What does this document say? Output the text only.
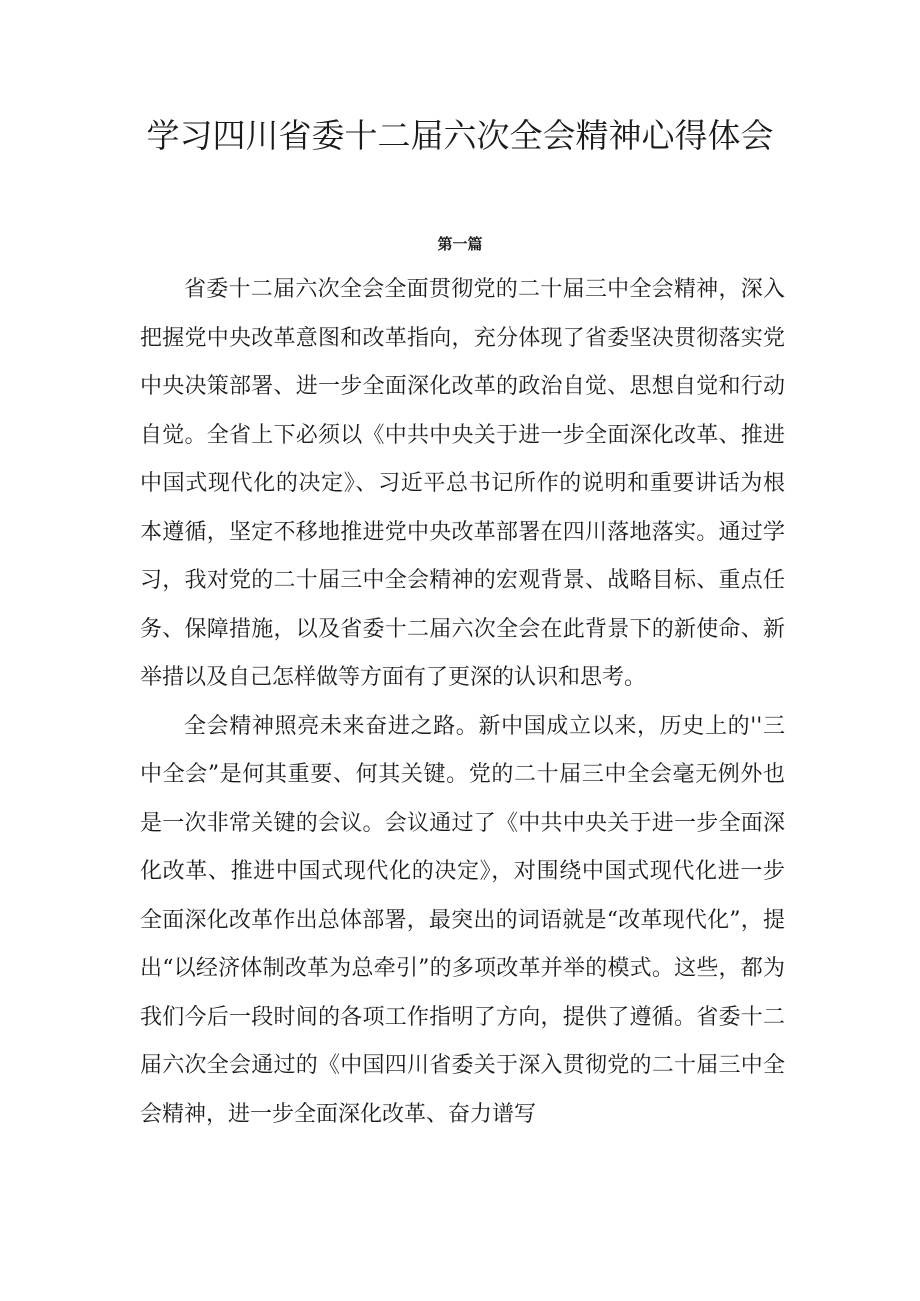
学习四川省委十二届六次全会精神心得体会
第一篇

省委十二届六次全会全面贯彻党的二十届三中全会精神，深入把握党中央改革意图和改革指向，充分体现了省委坚决贯彻落实党中央决策部署、进一步全面深化改革的政治自觉、思想自觉和行动自觉。全省上下必须以《中共中央关于进一步全面深化改革、推进中国式现代化的决定》、习近平总书记所作的说明和重要讲话为根本遵循，坚定不移地推进党中央改革部署在四川落地落实。通过学习，我对党的二十届三中全会精神的宏观背景、战略目标、重点任务、保障措施，以及省委十二届六次全会在此背景下的新使命、新举措以及自己怎样做等方面有了更深的认识和思考。

全会精神照亮未来奋进之路。新中国成立以来，历史上的''三中全会”是何其重要、何其关键。党的二十届三中全会毫无例外也是一次非常关键的会议。会议通过了《中共中央关于进一步全面深化改革、推进中国式现代化的决定》，对围绕中国式现代化进一步全面深化改革作出总体部署，最突出的词语就是“改革现代化”，提出“以经济体制改革为总牵引”的多项改革并举的模式。这些，都为我们今后一段时间的各项工作指明了方向，提供了遵循。省委十二届六次全会通过的《中国四川省委关于深入贯彻党的二十届三中全会精神，进一步全面深化改革、奋力谱写
